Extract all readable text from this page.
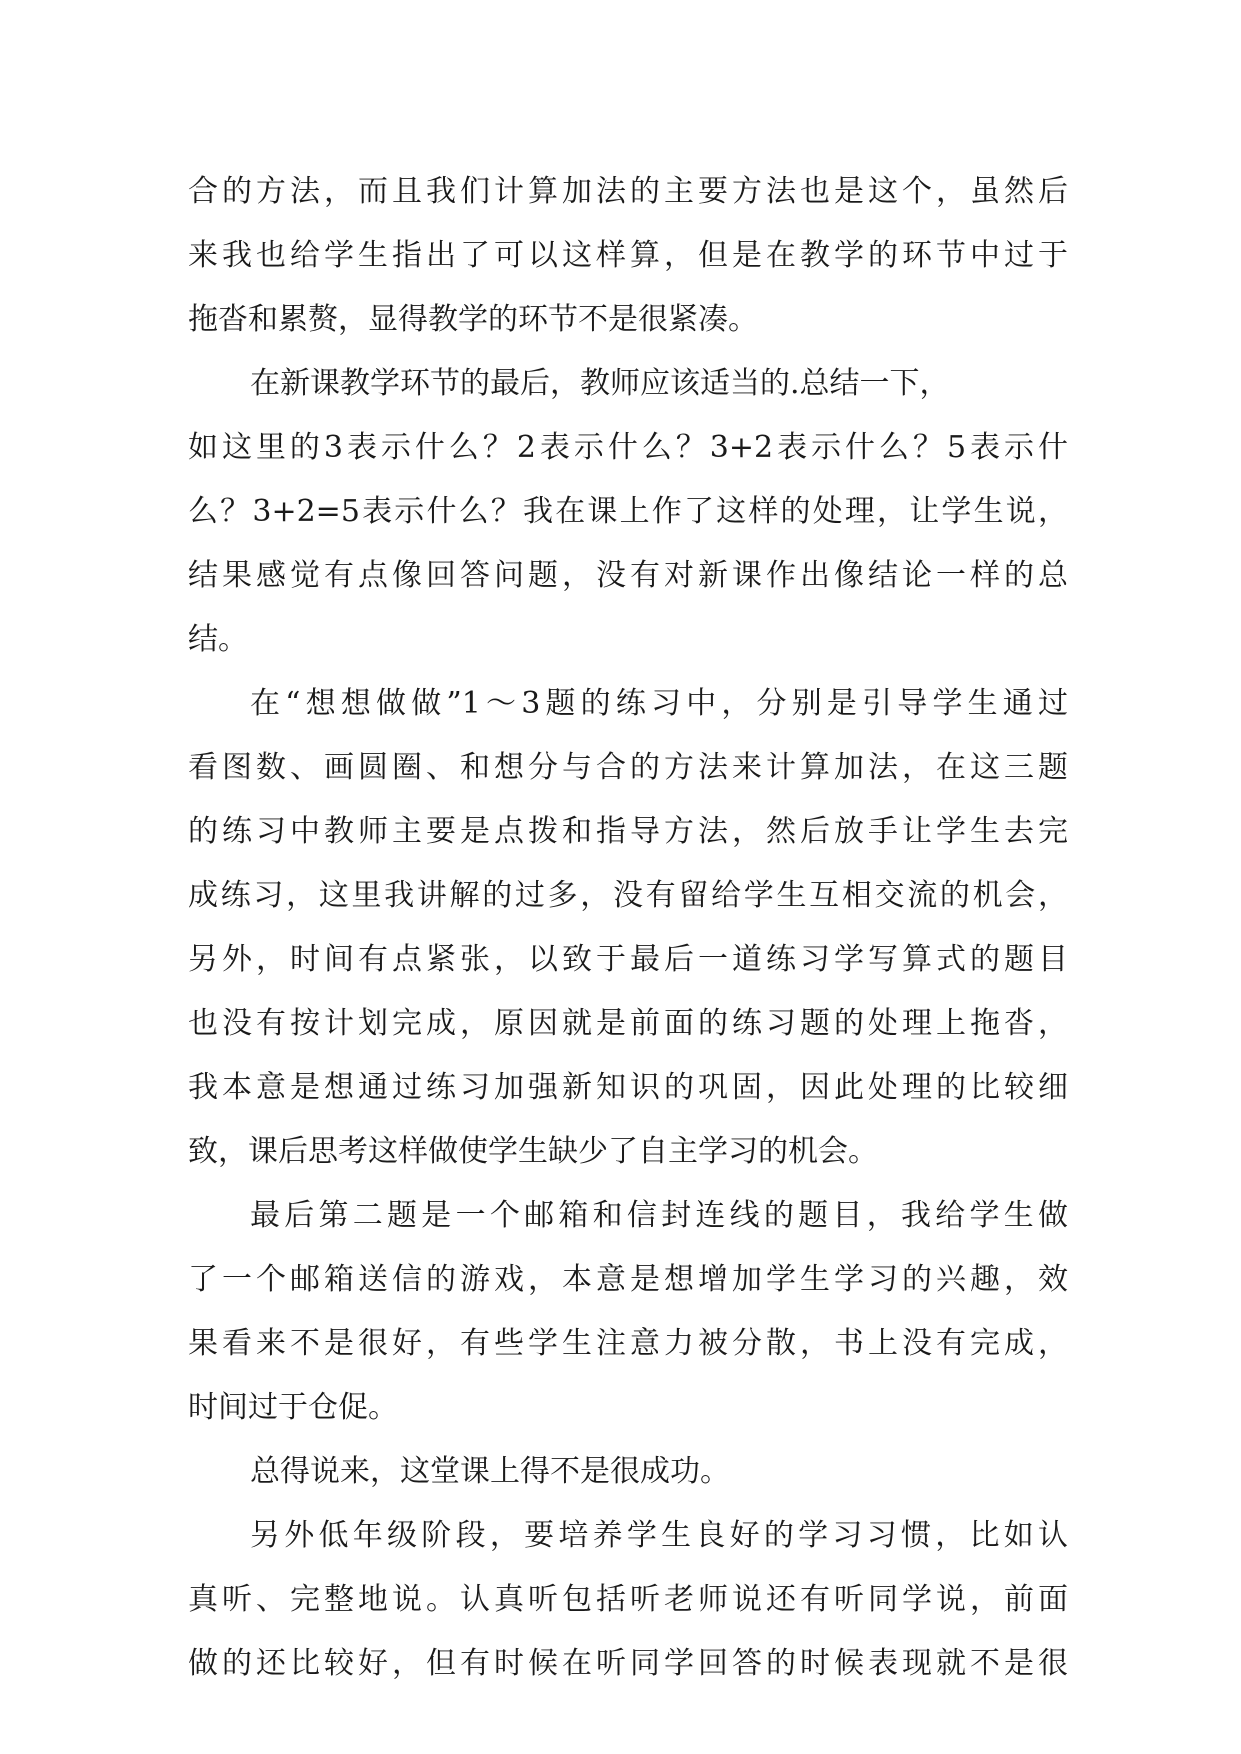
合的方法，而且我们计算加法的主要方法也是这个，虽然后
来我也给学生指出了可以这样算，但是在教学的环节中过于
拖沓和累赘，显得教学的环节不是很紧凑。
在新课教学环节的最后，教师应该适当的.总结一下，
如这里的3表示什么？2表示什么？3+2表示什么？5表示什
么？3+2=5表示什么？我在课上作了这样的处理，让学生说，
结果感觉有点像回答问题，没有对新课作出像结论一样的总
结。
在“想想做做”1～3题的练习中，分别是引导学生通过
看图数、画圆圈、和想分与合的方法来计算加法，在这三题
的练习中教师主要是点拨和指导方法，然后放手让学生去完
成练习，这里我讲解的过多，没有留给学生互相交流的机会，
另外，时间有点紧张，以致于最后一道练习学写算式的题目
也没有按计划完成，原因就是前面的练习题的处理上拖沓，
我本意是想通过练习加强新知识的巩固，因此处理的比较细
致，课后思考这样做使学生缺少了自主学习的机会。
最后第二题是一个邮箱和信封连线的题目，我给学生做
了一个邮箱送信的游戏，本意是想增加学生学习的兴趣，效
果看来不是很好，有些学生注意力被分散，书上没有完成，
时间过于仓促。
总得说来，这堂课上得不是很成功。
另外低年级阶段，要培养学生良好的学习习惯，比如认
真听、完整地说。认真听包括听老师说还有听同学说，前面
做的还比较好，但有时候在听同学回答的时候表现就不是很
